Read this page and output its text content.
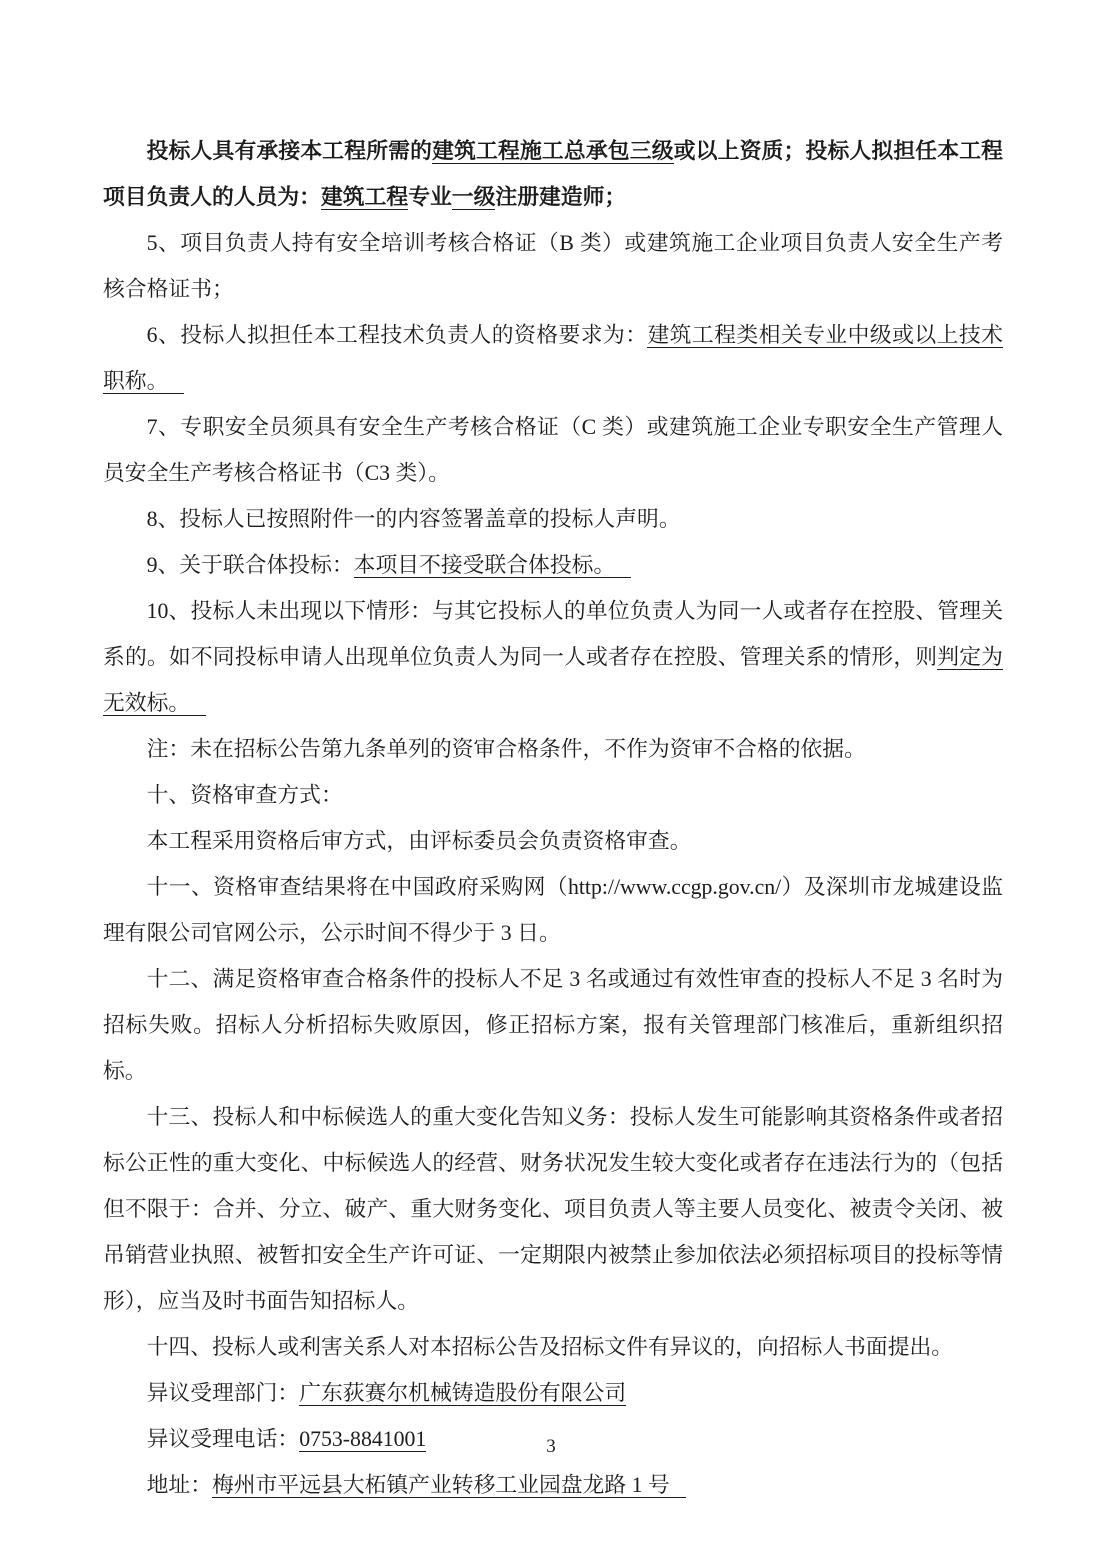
投标人具有承接本工程所需的建筑工程施工总承包三级或以上资质；投标人拟担任本工程项目负责人的人员为：建筑工程专业一级注册建造师；

5、项目负责人持有安全培训考核合格证（B 类）或建筑施工企业项目负责人安全生产考核合格证书；

6、投标人拟担任本工程技术负责人的资格要求为：建筑工程类相关专业中级或以上技术职称。

7、专职安全员须具有安全生产考核合格证（C 类）或建筑施工企业专职安全生产管理人员安全生产考核合格证书（C3 类）。

8、投标人已按照附件一的内容签署盖章的投标人声明。

9、关于联合体投标：本项目不接受联合体投标。

10、投标人未出现以下情形：与其它投标人的单位负责人为同一人或者存在控股、管理关系的。如不同投标申请人出现单位负责人为同一人或者存在控股、管理关系的情形，则判定为无效标。

注：未在招标公告第九条单列的资审合格条件，不作为资审不合格的依据。

十、资格审查方式：

本工程采用资格后审方式，由评标委员会负责资格审查。

十一、资格审查结果将在中国政府采购网（http://www.ccgp.gov.cn/）及深圳市龙城建设监理有限公司官网公示，公示时间不得少于 3 日。

十二、满足资格审查合格条件的投标人不足 3 名或通过有效性审查的投标人不足 3 名时为招标失败。招标人分析招标失败原因，修正招标方案，报有关管理部门核准后，重新组织招标。

十三、投标人和中标候选人的重大变化告知义务：投标人发生可能影响其资格条件或者招标公正性的重大变化、中标候选人的经营、财务状况发生较大变化或者存在违法行为的（包括但不限于：合并、分立、破产、重大财务变化、项目负责人等主要人员变化、被责令关闭、被吊销营业执照、被暂扣安全生产许可证、一定期限内被禁止参加依法必须招标项目的投标等情形），应当及时书面告知招标人。

十四、投标人或利害关系人对本招标公告及招标文件有异议的，向招标人书面提出。

异议受理部门：广东荻赛尔机械铸造股份有限公司

异议受理电话：0753-8841001

地址：梅州市平远县大柘镇产业转移工业园盘龙路 1 号

3
